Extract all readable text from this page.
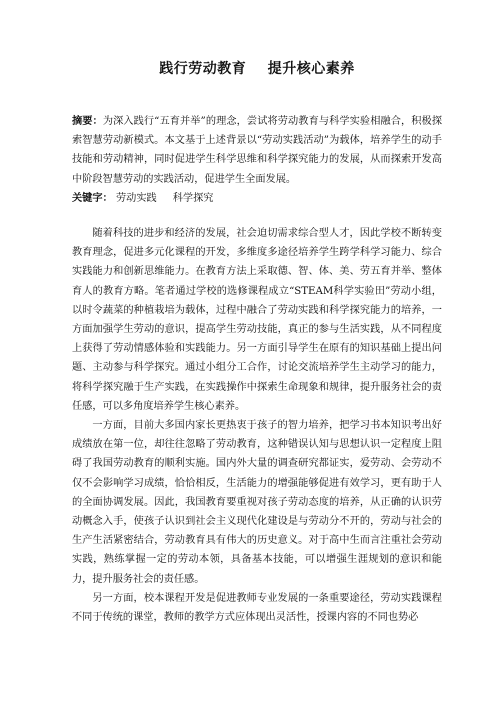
践行劳动教育    提升核心素养

摘要：为深入践行“五育并举”的理念，尝试将劳动教育与科学实验相融合，积极探索智慧劳动新模式。本文基于上述背景以“劳动实践活动”为载体，培养学生的动手技能和劳动精神，同时促进学生科学思维和科学探究能力的发展，从而探索开发高中阶段智慧劳动的实践活动，促进学生全面发展。

关键字： 劳动实践 科学探究

随着科技的进步和经济的发展，社会迫切需求综合型人才，因此学校不断转变教育理念，促进多元化课程的开发，多维度多途径培养学生跨学科学习能力、综合实践能力和创新思维能力。在教育方法上采取德、智、体、美、劳五育并举、整体育人的教育方略。笔者通过学校的选修课程成立“STEAM科学实验田”劳动小组，以时令蔬菜的种植栽培为载体，过程中融合了劳动实践和科学探究能力的培养，一方面加强学生劳动的意识，提高学生劳动技能，真正的参与生活实践，从不同程度上获得了劳动情感体验和实践能力。另一方面引导学生在原有的知识基础上提出问题、主动参与科学探究。通过小组分工合作，讨论交流培养学生主动学习的能力，将科学探究融于生产实践，在实践操作中探索生命现象和规律，提升服务社会的责任感，可以多角度培养学生核心素养。

一方面，目前大多国内家长更热衷于孩子的智力培养，把学习书本知识考出好成绩放在第一位，却往往忽略了劳动教育，这种错误认知与思想认识一定程度上阻碍了我国劳动教育的顺利实施。国内外大量的调查研究都证实，爱劳动、会劳动不仅不会影响学习成绩，恰恰相反，生活能力的增强能够促进有效学习，更有助于人的全面协调发展。因此，我国教育要重视对孩子劳动态度的培养，从正确的认识劳动概念入手，使孩子认识到社会主义现代化建设是与劳动分不开的，劳动与社会的生产生活紧密结合，劳动教育具有伟大的历史意义。对于高中生而言注重社会劳动实践，熟练掌握一定的劳动本领，具备基本技能，可以增强生涯规划的意识和能力，提升服务社会的责任感。

另一方面，校本课程开发是促进教师专业发展的一条重要途径，劳动实践课程不同于传统的课堂，教师的教学方式应体现出灵活性，授课内容的不同也势必
